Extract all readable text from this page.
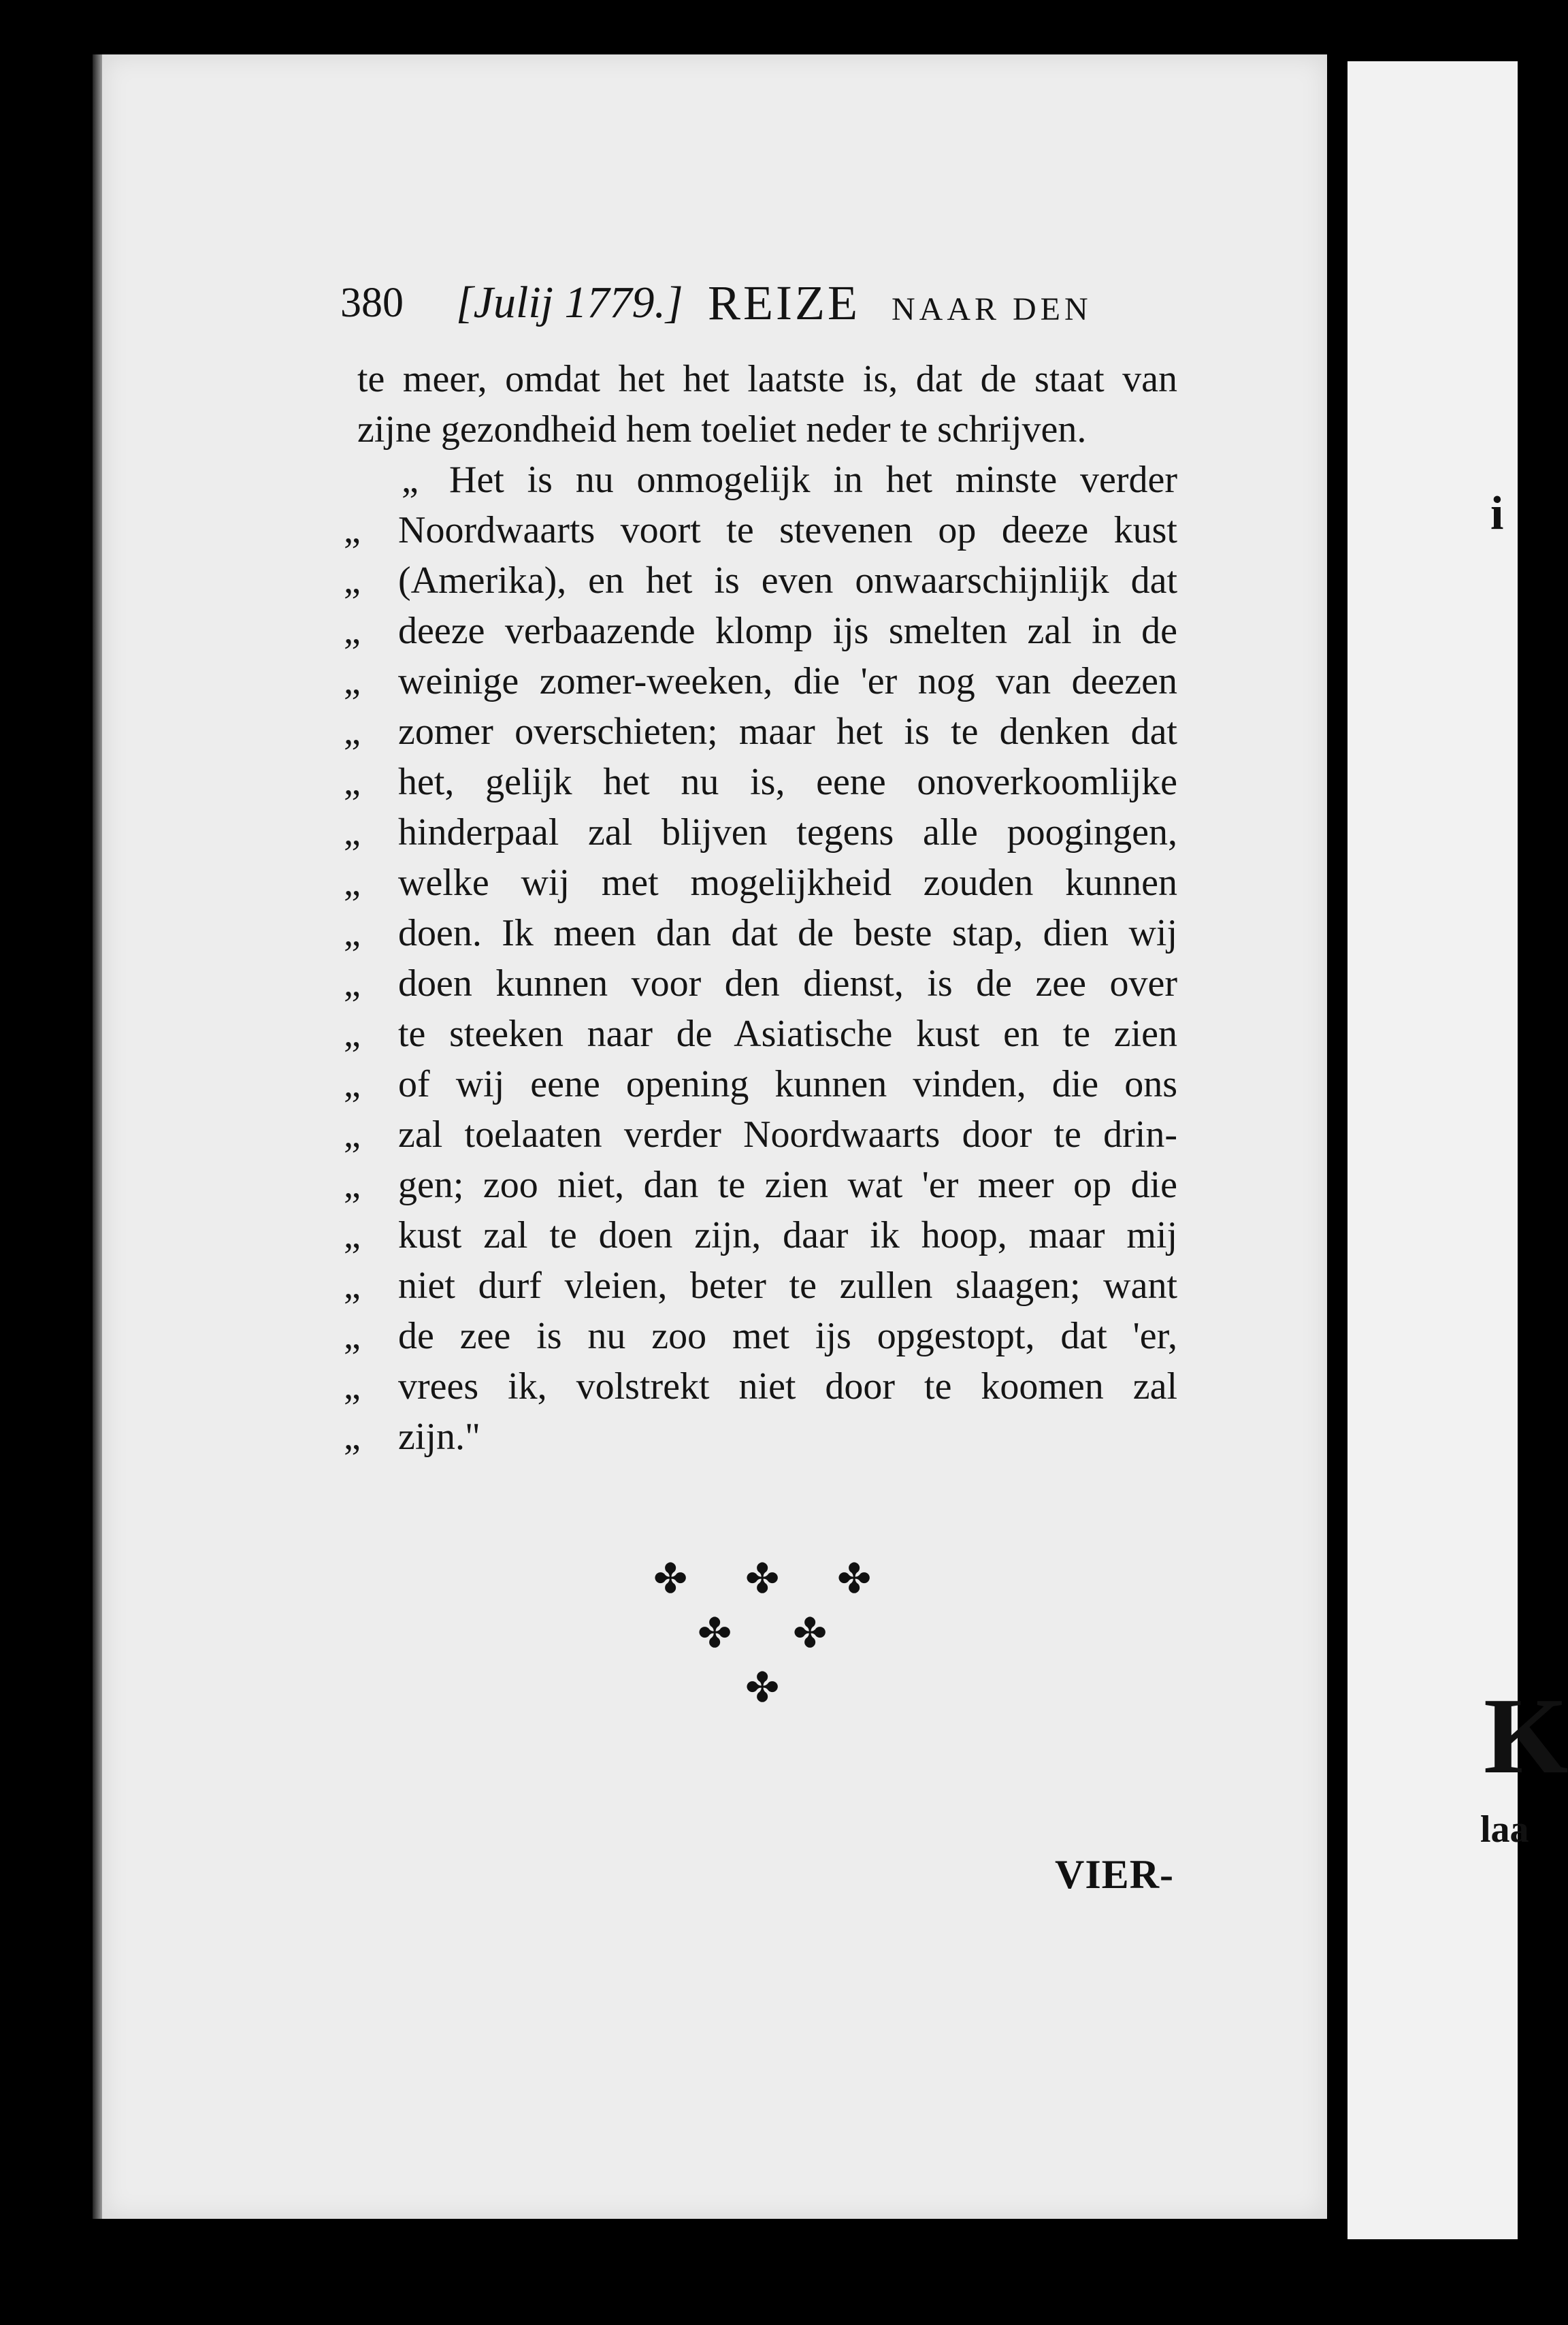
i
K
laa
380 [Julij 1779.] REIZE NAAR DEN
te meer, omdat het het laatste is, dat de staat van
zijne gezondheid hem toeliet neder te schrijven.
„ Het is nu onmogelijk in het minste verder
„ Noordwaarts voort te stevenen op deeze kust
„ (Amerika), en het is even onwaarschijnlijk dat
„ deeze verbaazende klomp ijs smelten zal in de
„ weinige zomer-weeken, die 'er nog van deezen
„ zomer overschieten; maar het is te denken dat
„ het, gelijk het nu is, eene onoverkoomlijke
„ hinderpaal zal blijven tegens alle poogingen,
„ welke wij met mogelijkheid zouden kunnen
„ doen. Ik meen dan dat de beste stap, dien wij
„ doen kunnen voor den dienst, is de zee over
„ te steeken naar de Asiatische kust en te zien
„ of wij eene opening kunnen vinden, die ons
„ zal toelaaten verder Noordwaarts door te drin-
„ gen; zoo niet, dan te zien wat 'er meer op die
„ kust zal te doen zijn, daar ik hoop, maar mij
„ niet durf vleien, beter te zullen slaagen; want
„ de zee is nu zoo met ijs opgestopt, dat 'er,
„ vrees ik, volstrekt niet door te koomen zal
„ zijn."
✤ ✤ ✤
✤ ✤
✤
VIER-
